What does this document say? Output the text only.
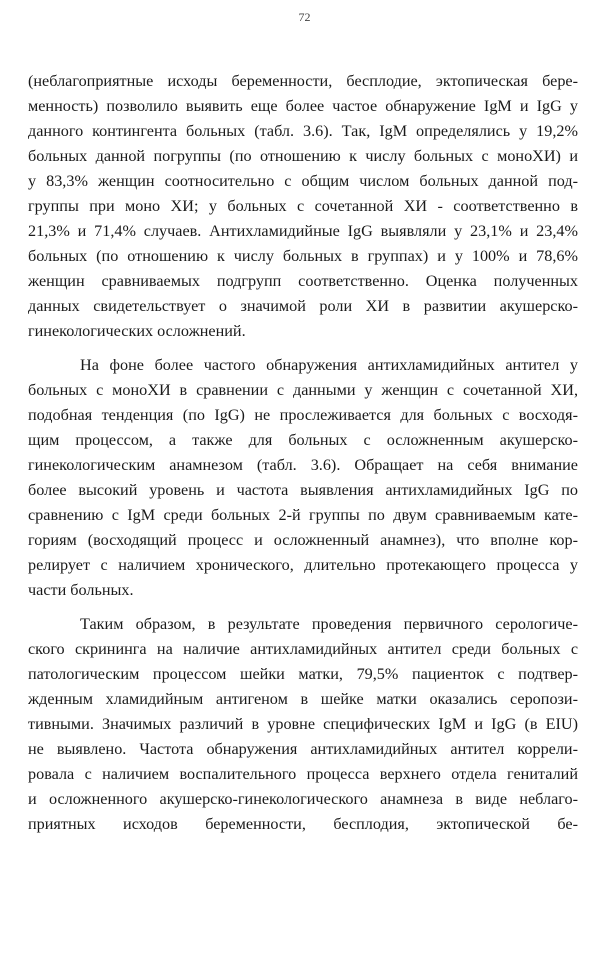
72
(неблагоприятные исходы беременности, бесплодие, эктопическая бере-
менность) позволило выявить еще более частое обнаружение IgM и IgG у
данного контингента больных (табл. 3.6). Так, IgM определялись у 19,2%
больных данной погруппы (по отношению к числу больных с моноХИ) и
у 83,3% женщин соотносительно с общим числом больных данной под-
группы при моно ХИ; у больных с сочетанной ХИ - соответственно в
21,3% и 71,4% случаев. Антихламидийные IgG выявляли у 23,1% и 23,4%
больных (по отношению к числу больных в группах) и у 100% и 78,6%
женщин сравниваемых подгрупп соответственно. Оценка полученных
данных свидетельствует о значимой роли ХИ в развитии акушерско-
гинекологических осложнений.
На фоне более частого обнаружения антихламидийных антител у
больных с моноХИ в сравнении с данными у женщин с сочетанной ХИ,
подобная тенденция (по IgG) не прослеживается для больных с восходя-
щим процессом, а также для больных с осложненным акушерско-
гинекологическим анамнезом (табл. 3.6). Обращает на себя внимание
более высокий уровень и частота выявления антихламидийных IgG по
сравнению с IgM среди больных 2-й группы по двум сравниваемым кате-
гориям (восходящий процесс и осложненный анамнез), что вполне кор-
релирует с наличием хронического, длительно протекающего процесса у
части больных.
Таким образом, в результате проведения первичного серологиче-
ского скрининга на наличие антихламидийных антител среди больных с
патологическим процессом шейки матки, 79,5% пациенток с подтвер-
жденным хламидийным антигеном в шейке матки оказались серопози-
тивными. Значимых различий в уровне специфических IgM и IgG (в EIU)
не выявлено. Частота обнаружения антихламидийных антител коррели-
ровала с наличием воспалительного процесса верхнего отдела гениталий
и осложненного акушерско-гинекологического анамнеза в виде неблаго-
приятных исходов беременности, бесплодия, эктопической бе-
